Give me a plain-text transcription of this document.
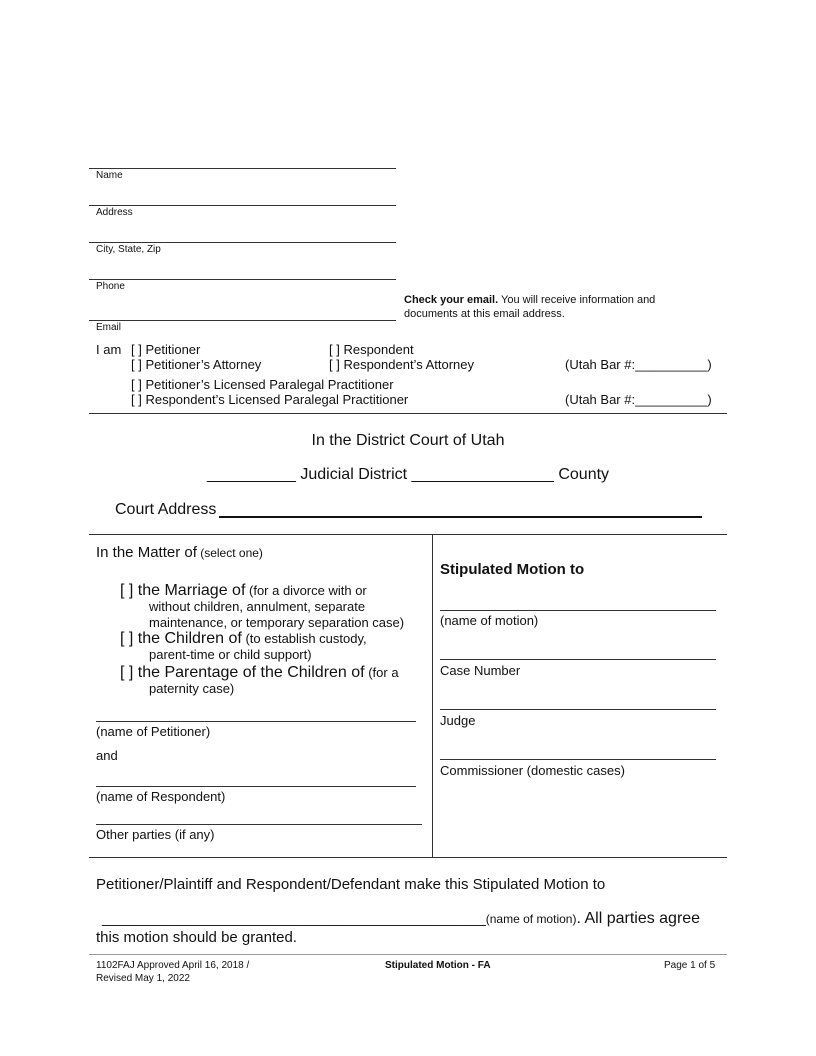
Name
Address
City, State, Zip
Phone
Check your email. You will receive information and
documents at this email address.
Email
I am [ ] Petitioner	[ ] Respondent
[ ] Petitioner’s Attorney	[ ] Respondent’s Attorney	(Utah Bar #:__________)
[ ] Petitioner’s Licensed Paralegal Practitioner
[ ] Respondent’s Licensed Paralegal Practitioner	(Utah Bar #:__________)
In the District Court of Utah
__________ Judicial District ________________ County
Court Address
In the Matter of (select one)
[ ] the Marriage of (for a divorce with or
without children, annulment, separate maintenance, or temporary separation case)
[ ] the Children of (to establish custody,
parent-time or child support)
[ ] the Parentage of the Children of (for a
paternity case)
(name of Petitioner)
and
(name of Respondent)
Other parties (if any)
Stipulated Motion to
(name of motion)
Case Number
Judge
Commissioner (domestic cases)
Petitioner/Plaintiff and Respondent/Defendant make this Stipulated Motion to
______________________________________________(name of motion). All parties agree
this motion should be granted.
1102FAJ Approved April 16, 2018 /
Revised May 1, 2022
Stipulated Motion - FA	Page 1 of 5
